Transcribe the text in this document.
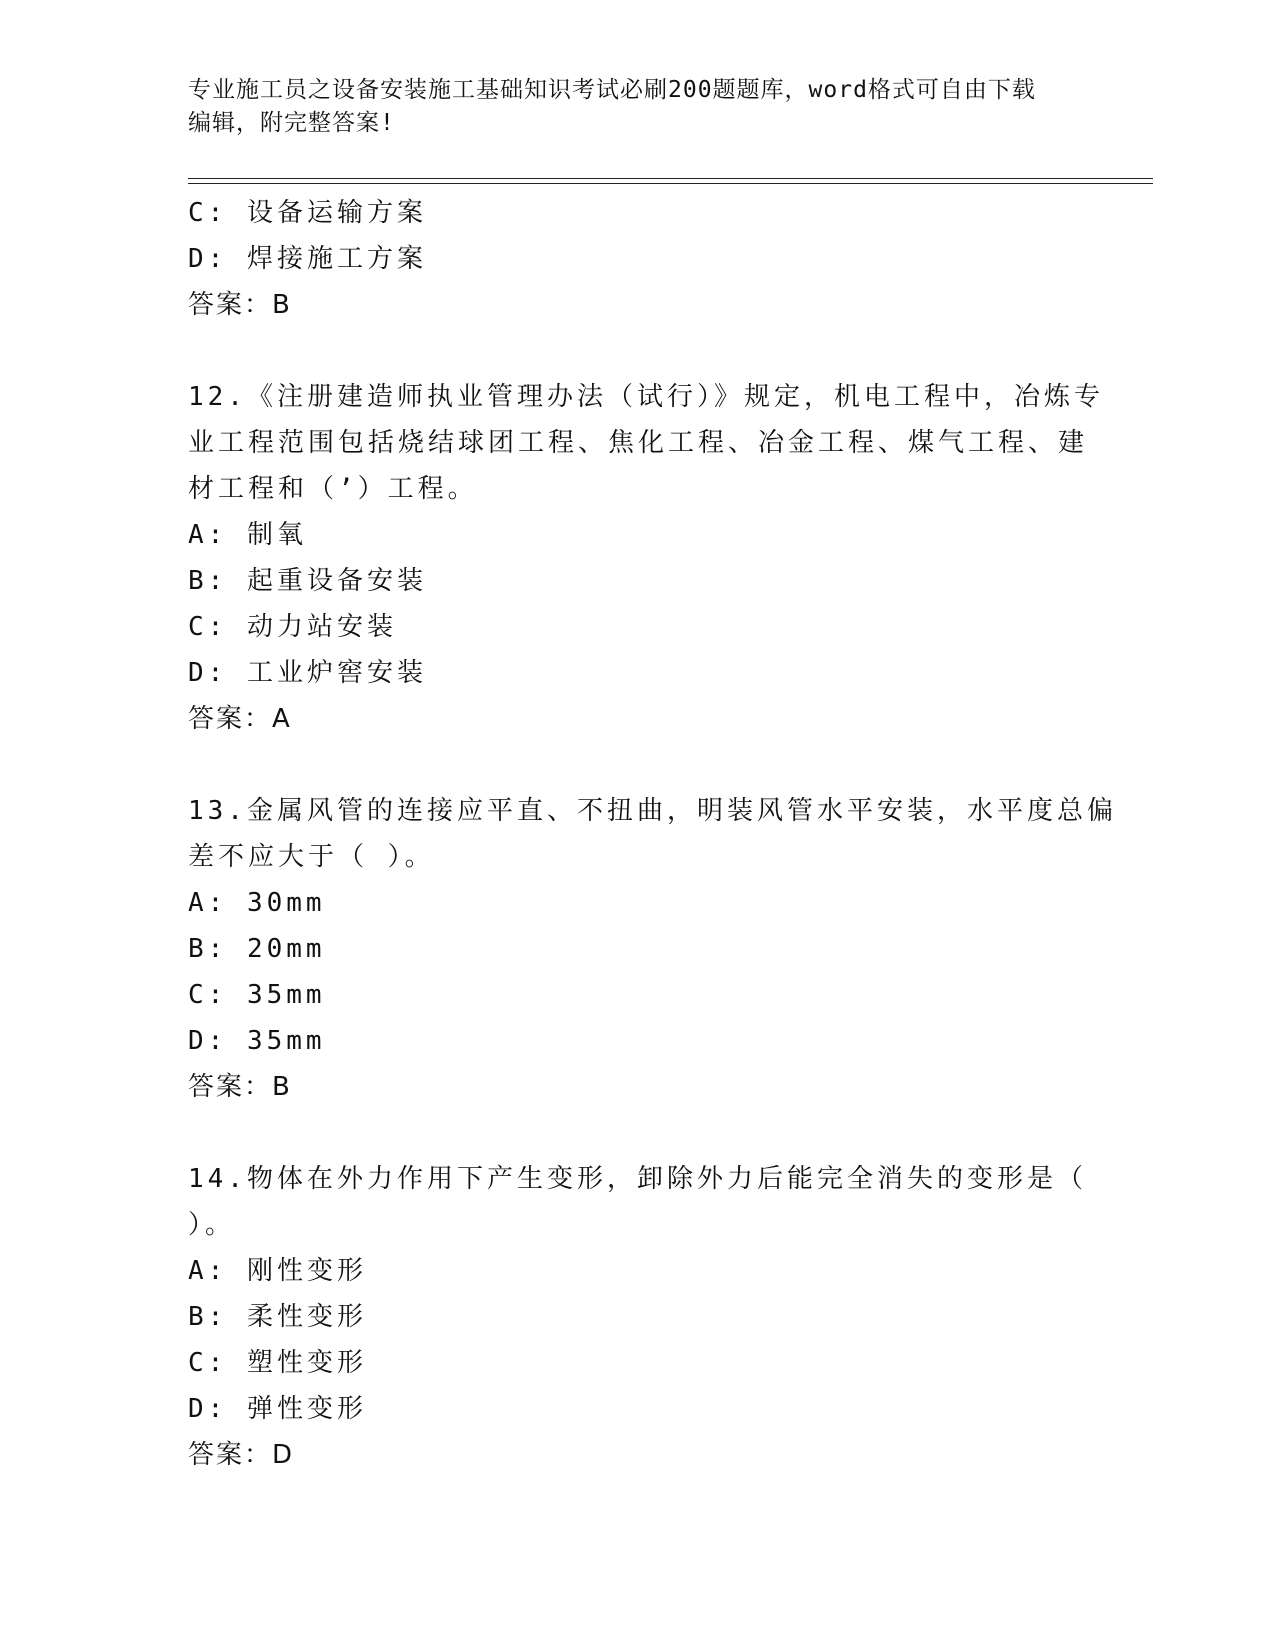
专业施工员之设备安装施工基础知识考试必刷200题题库，word格式可自由下载
编辑，附完整答案!
C: 设备运输方案
D: 焊接施工方案
答案：B
12.《注册建造师执业管理办法（试行）》规定，机电工程中，冶炼专
业工程范围包括烧结球团工程、焦化工程、冶金工程、煤气工程、建
材工程和（’）工程。
A: 制氧
B: 起重设备安装
C: 动力站安装
D: 工业炉窖安装
答案：A
13.金属风管的连接应平直、不扭曲，明装风管水平安装，水平度总偏
差不应大于（ ）。
A: 30mm
B: 20mm
C: 35mm
D: 35mm
答案：B
14.物体在外力作用下产生变形，卸除外力后能完全消失的变形是（
）。
A: 刚性变形
B: 柔性变形
C: 塑性变形
D: 弹性变形
答案：D
